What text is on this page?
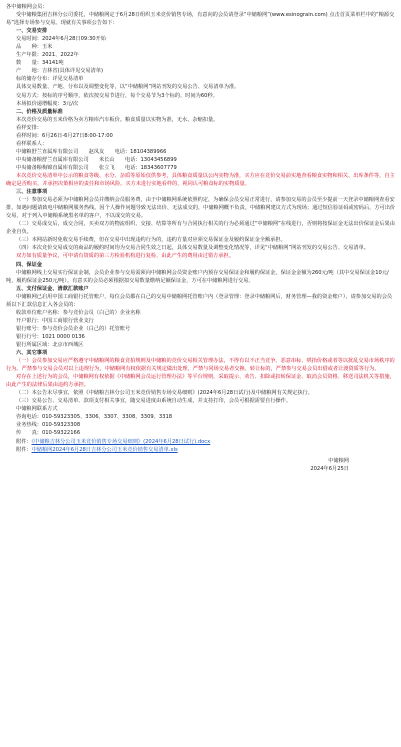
各中储粮网会员：
受中储粮集团吉林分公司委托，中储粮网定于6月28日组织玉米竞价销售专场，有意向的会员请登录“中储粮网”(www.esinograin.com) 点击首页菜单栏中的“粮源交易”选择专场参与交易。现就有关事项公告如下：
一、交易安排
交易时间：2024年6月28日09:30开始
品　　种：玉米
生产年限：2021、2022年
数　　量：34141吨
产　　地：吉林省(具体详见交易清单)
标的储存分布：详见交易清单
具体交易数量、产地、分布以及调整变化等，以“中储粮网”网站刊发的交易公告、交易清单为准。
交易方式：按标的序号顺序，依次按交易节进行，每个交易节为3个标的，时间为60秒。
本场拟价递增幅度：3元/次
二、价格及质量标准
本次竞价交易的玉米价格为卖方粮库汽车板价。粮食质量以实物为准，无水、杂缩扣量。
看样安排：
看样时间：6月26日-6月27日8:00-17:00
看样联系人：
中储粮舒兰直属库有限公司　　赵凤友　　电话：18104389966
中央储备粮舒兰直属库有限公司　　米长山　　电话：13043456899
中央储备粮梅锦直属库有限公司　　张立飞　　电话：18343607779
本次竞价交易清单中公示的粮食等级、水分、杂质等原始仅供参考，具体粮食质量以公内实物为准，买方应在竞价交易前实地查看粮食实物和相关、出库条件等，自主确定是否购买，并承担决策相应的责任和市场风险。买方未进行实地看样的，视同认可粮食标的实物质量。
三、注意事项
（一）参加交易必须为中储粮网会员并缴纳会员服务费，由于中储粮网系统依照约定，为确保会员交易正常进行，请参加交易的会员至少提前一天登录中储粮网查看安排，如遇问题请致电中储粮网服务热线。因个人操作问题导致无法出价、无法成交的，中储粮网概不负责。中储粮网建议方式为现场；通过短信验证码或密码后，方可出价交易，对于列入中储粮系统黑名单的客户，不以成交的交易。
（二）交易成交后，成交合同，买卖双方的物流组织、交接、结算等所有与合同执行相关的行为必须通过“中储粮网”在线进行，否则将按保证金无法出价保证金后果由企业自负。
（三）本网站新时免收交易手续费，但在交易中出现违约行为的，违约方量对应须交易保证金及履约保证金全额承担。
（四）本次竞价交易成交的商品的履约时间均为交易合同生效之日起，具体交易数量及调整变化情况等，详见“中储粮网”网站刊发的交易公告、交易清单。
双方如有质量争议，可申请有资质的第三方检验机构进行复检，由此产生的费用由过错方承担。
四、保证金
中储粮网线上交易实行保证金制，会员企业参与交易需须向中储粮网会员资金账户内预存交易保证金和履约保证金，保证金金额为260元/吨（其中交易保证金10元/吨，履约保证金250元/吨）。有意买的会员必须根据拟交易数量缴纳足额保证金，方可在中储粮网进行交易。
五、支付保证金、清款汇款账户
中储粮网已启用中国工商银行托管账户，每位会员都在白己的交易中储粮网托管账户内（登录管理：登录中储粮网后，财务管理—我的资金账户），请参加交易的会员须以下汇款信息汇入各会员的：
收款单位账户名称：参与竞价会员（白己的）企业名称
开户银行：中国工商银行营业支行
银行账号：参与竞价会员企业（白己的）托管账号
银行行号：1021 0000 0136
银行所属区域：北京市西城区
六、其它事项
（一）会员参加交易应严格遵守中储粮网的粮食竞拍规则及中储粮的竞价交易相关管理办法，不得有以不正当竞争、恶意串标、哄抬价格或者等以扰乱交易市场秩序的行为。严禁参与交易会员对以上违规行为，中储粮网有权依据有关规定做出处理，严禁与同场交易者交换、转让标的，严禁参与交易会员出借或者让渡资质等行为。
对存在上述行为的会员，中储粮网有权依据《中储粮网会员运行管理办法》等平台规则，采取提示、劝告、扣除或扣转保证金、取消会员资格、移送司法机关等措施，由此产生的法律后果由违约方承担。
（二）本公告未尽事宜，依照《中储粮吉林分公司玉米竞价销售专场交易细则》(2024年6月28日试行)及中储粮网有关规定执行。
（三）交易公告、交易清单、款项支付相关事宜，随交易进度由系统自动生成，并支持打印，会员可根据需要自行操作。
中储粮网联系方式
咨询电话：010-59323305、3306、3307、3308、3309、3318
业务热线：010-59323308
传　　真：010-59322166
附件：《中储粮吉林分公司玉米竞价销售专场交易细则》(2024年6月28日试行).docx
附件：中储粮网2024年6月28日吉林分公司玉米竞价销售交易清单.xls
中储粮网
2024年6月25日
